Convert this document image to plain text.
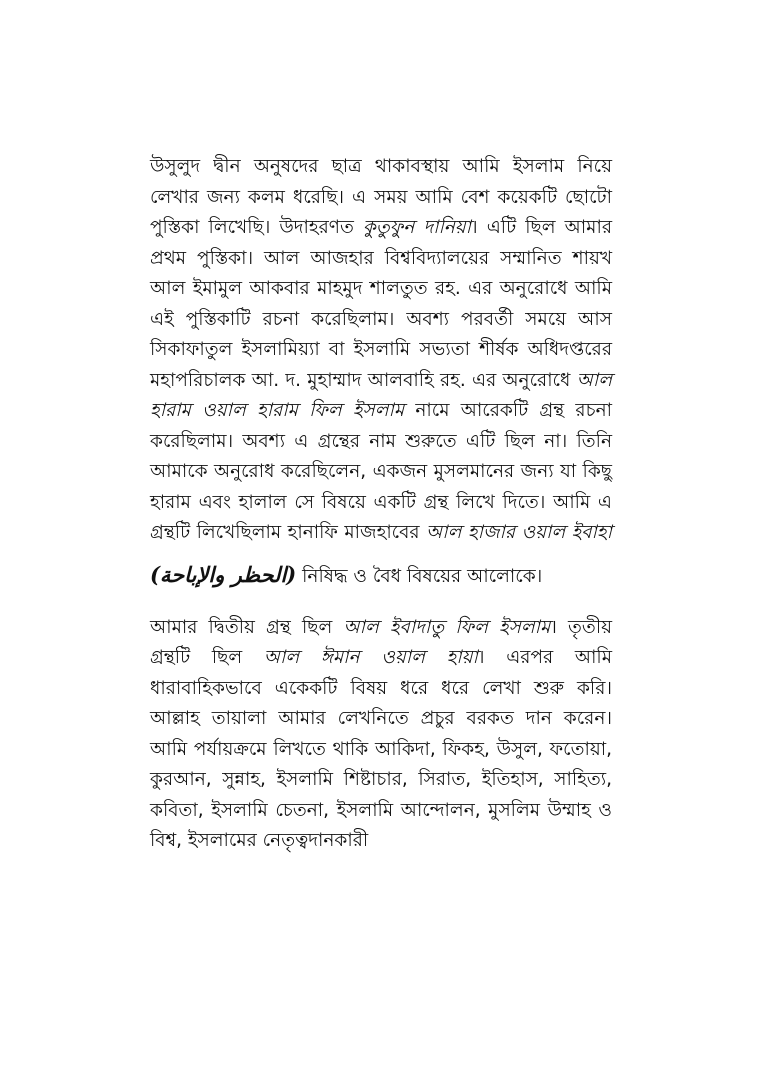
উসুলুদ দ্বীন অনুষদের ছাত্র থাকাবস্থায় আমি ইসলাম নিয়ে লেখার জন্য কলম ধরেছি। এ সময় আমি বেশ কয়েকটি ছোটো পুস্তিকা লিখেছি। উদাহরণত কুতুফুন দানিয়া। এটি ছিল আমার প্রথম পুস্তিকা। আল আজহার বিশ্ববিদ্যালয়ের সম্মানিত শায়খ আল ইমামুল আকবার মাহমুদ শালতুত রহ. এর অনুরোধে আমি এই পুস্তিকাটি রচনা করেছিলাম। অবশ্য পরবর্তী সময়ে আস সিকাফাতুল ইসলামিয়্যা বা ইসলামি সভ্যতা শীর্ষক অধিদপ্তরের মহাপরিচালক আ. দ. মুহাম্মাদ আলবাহি রহ. এর অনুরোধে আল হারাম ওয়াল হারাম ফিল ইসলাম নামে আরেকটি গ্রন্থ রচনা করেছিলাম। অবশ্য এ গ্রন্থের নাম শুরুতে এটি ছিল না। তিনি আমাকে অনুরোধ করেছিলেন, একজন মুসলমানের জন্য যা কিছু হারাম এবং হালাল সে বিষয়ে একটি গ্রন্থ লিখে দিতে। আমি এ গ্রন্থটি লিখেছিলাম হানাফি মাজহাবের আল হাজার ওয়াল ইবাহা (الحظر والإباحة) নিষিদ্ধ ও বৈধ বিষয়ের আলোকে।

আমার দ্বিতীয় গ্রন্থ ছিল আল ইবাদাতু ফিল ইসলাম। তৃতীয় গ্রন্থটি ছিল আল ঈমান ওয়াল হায়া। এরপর আমি ধারাবাহিকভাবে একেকটি বিষয় ধরে ধরে লেখা শুরু করি। আল্লাহ তায়ালা আমার লেখনিতে প্রচুর বরকত দান করেন। আমি পর্যায়ক্রমে লিখতে থাকি আকিদা, ফিকহ, উসুল, ফতোয়া, কুরআন, সুন্নাহ, ইসলামি শিষ্টাচার, সিরাত, ইতিহাস, সাহিত্য, কবিতা, ইসলামি চেতনা, ইসলামি আন্দোলন, মুসলিম উম্মাহ ও বিশ্ব, ইসলামের নেতৃত্বদানকারী
